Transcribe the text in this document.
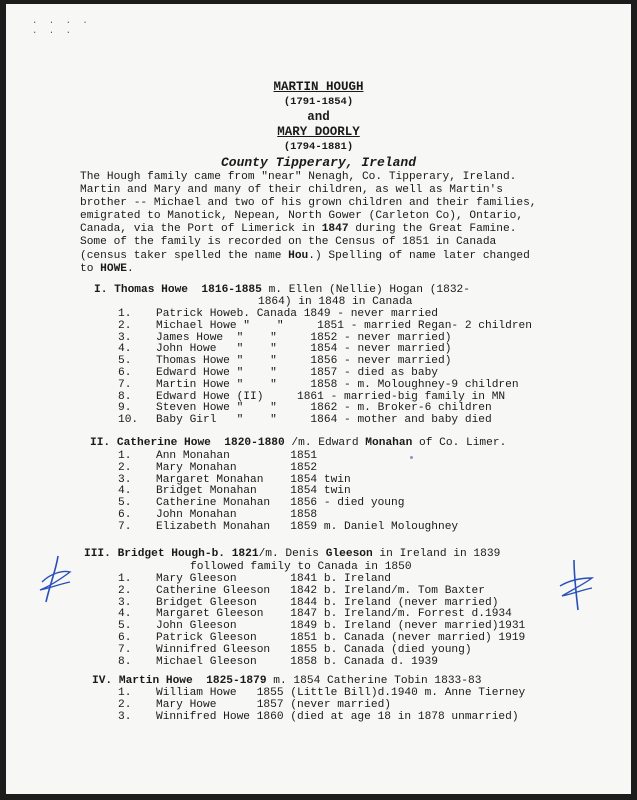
· · · ·
· · ·
MARTIN HOUGH
(1791-1854)
and
MARY DOORLY
(1794-1881)
County Tipperary, Ireland
The Hough family came from "near" Nenagh, Co. Tipperary, Ireland.
Martin and Mary and many of their children, as well as Martin's
brother -- Michael and two of his grown children and their families,
emigrated to Manotick, Nepean, North Gower (Carleton Co), Ontario,
Canada, via the Port of Limerick in 1847 during the Great Famine.
Some of the family is recorded on the Census of 1851 in Canada
(census taker spelled the name Hou.) Spelling of name later changed
to HOWE.
I. Thomas Howe  1816-1885 m. Ellen (Nellie) Hogan (1832-
1864) in 1848 in Canada
1.	Patrick Howe b. Canada 1849 - never married
2.	Michael Howe "    " 1851 - married Regan- 2 children
3.	James Howe  "    " 1852 - never married)
4.	John Howe   "    " 1854 - never married)
5.	Thomas Howe "    " 1856 - never married)
6.	Edward Howe "    " 1857 - died as baby
7.	Martin Howe "    " 1858 - m. Moloughney-9 children
8.	Edward Howe (II) 1861 - married-big family in MN
9.	Steven Howe "    " 1862 - m. Broker-6 children
10.	Baby Girl   "    " 1864 - mother and baby died
II. Catherine Howe  1820-1880 /m. Edward Monahan of Co. Limer.
1.	Ann Monahan 1851
2.	Mary Monahan 1852
3.	Margaret Monahan 1854 twin
4.	Bridget Monahan 1854 twin
5.	Catherine Monahan 1856 - died young
6.	John Monahan 1858
7.	Elizabeth Monahan 1859 m. Daniel Moloughney
III. Bridget Hough-b. 1821/m. Denis Gleeson in Ireland in 1839
followed family to Canada in 1850
1.	Mary Gleeson 1841 b. Ireland
2.	Catherine Gleeson 1842 b. Ireland/m. Tom Baxter
3.	Bridget Gleeson 1844 b. Ireland (never married)
4.	Margaret Gleeson 1847 b. Ireland/m. Forrest d.1934
5.	John Gleeson 1849 b. Ireland (never married)1931
6.	Patrick Gleeson 1851 b. Canada (never married) 1919
7.	Winnifred Gleeson 1855 b. Canada (died young)
8.	Michael Gleeson 1858 b. Canada d. 1939
IV. Martin Howe  1825-1879 m. 1854 Catherine Tobin 1833-83
1.	William Howe 1855 (Little Bill)d.1940 m. Anne Tierney
2.	Mary Howe 1857 (never married)
3.	Winnifred Howe 1860 (died at age 18 in 1878 unmarried)
